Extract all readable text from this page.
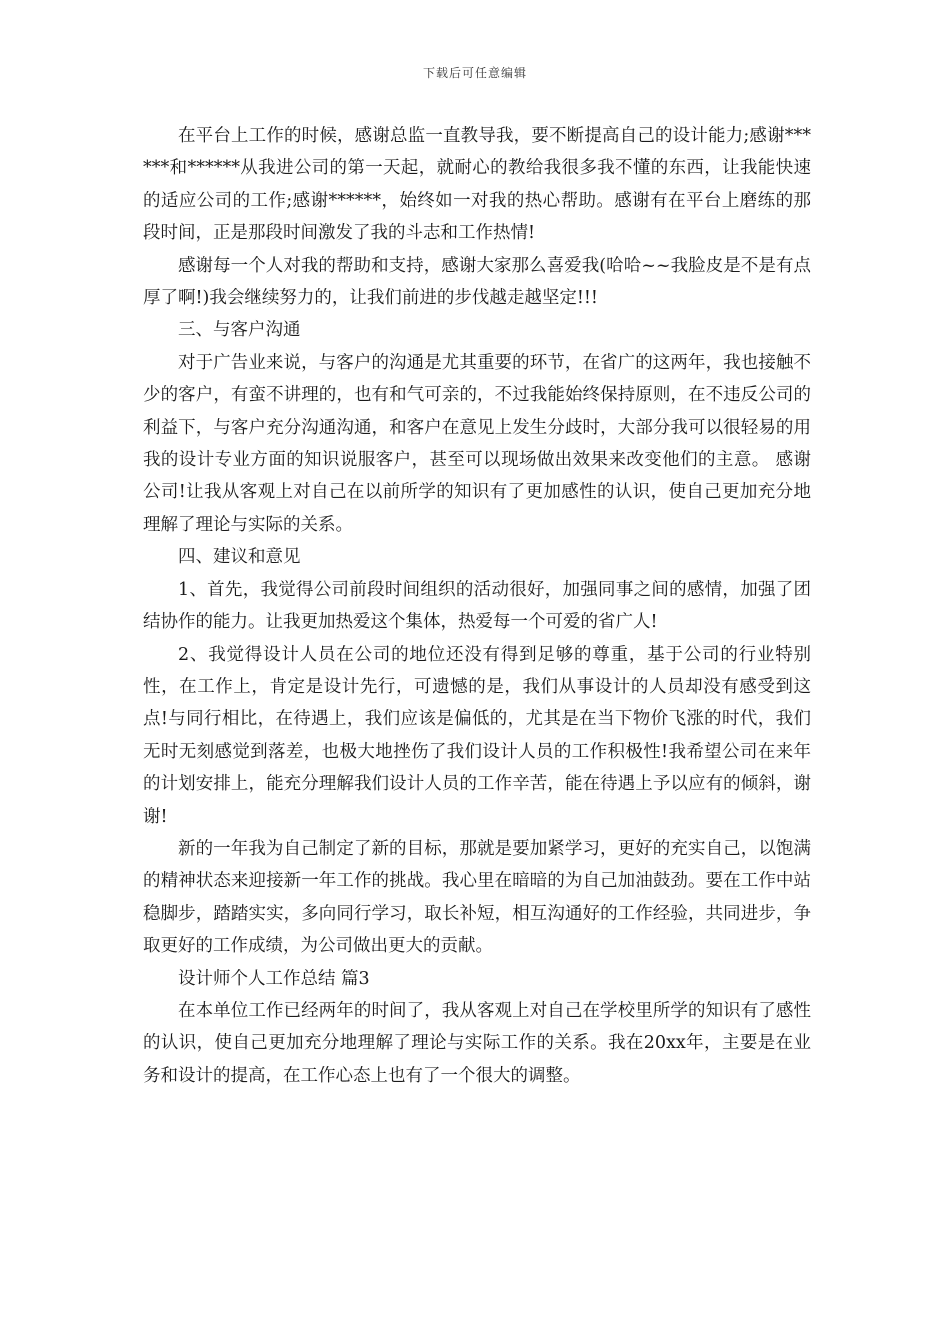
下载后可任意编辑

在平台上工作的时候，感谢总监一直教导我，要不断提高自己的设计能力;感谢******和******从我进公司的第一天起，就耐心的教给我很多我不懂的东西，让我能快速的适应公司的工作;感谢******，始终如一对我的热心帮助。感谢有在平台上磨练的那段时间，正是那段时间激发了我的斗志和工作热情!

感谢每一个人对我的帮助和支持，感谢大家那么喜爱我(哈哈~~我脸皮是不是有点厚了啊!)我会继续努力的，让我们前进的步伐越走越坚定!!!

三、与客户沟通

对于广告业来说，与客户的沟通是尤其重要的环节，在省广的这两年，我也接触不少的客户，有蛮不讲理的，也有和气可亲的，不过我能始终保持原则，在不违反公司的利益下，与客户充分沟通沟通，和客户在意见上发生分歧时，大部分我可以很轻易的用我的设计专业方面的知识说服客户，甚至可以现场做出效果来改变他们的主意。 感谢公司!让我从客观上对自己在以前所学的知识有了更加感性的认识，使自己更加充分地理解了理论与实际的关系。

四、建议和意见

1、首先，我觉得公司前段时间组织的活动很好，加强同事之间的感情，加强了团结协作的能力。让我更加热爱这个集体，热爱每一个可爱的省广人!

2、我觉得设计人员在公司的地位还没有得到足够的尊重，基于公司的行业特别性，在工作上，肯定是设计先行，可遗憾的是，我们从事设计的人员却没有感受到这点!与同行相比，在待遇上，我们应该是偏低的，尤其是在当下物价飞涨的时代，我们无时无刻感觉到落差，也极大地挫伤了我们设计人员的工作积极性!我希望公司在来年的计划安排上，能充分理解我们设计人员的工作辛苦，能在待遇上予以应有的倾斜，谢谢!

新的一年我为自己制定了新的目标，那就是要加紧学习，更好的充实自己，以饱满的精神状态来迎接新一年工作的挑战。我心里在暗暗的为自己加油鼓劲。要在工作中站稳脚步，踏踏实实，多向同行学习，取长补短，相互沟通好的工作经验，共同进步，争取更好的工作成绩，为公司做出更大的贡献。

设计师个人工作总结 篇3

在本单位工作已经两年的时间了，我从客观上对自己在学校里所学的知识有了感性的认识，使自己更加充分地理解了理论与实际工作的关系。我在20xx年，主要是在业务和设计的提高，在工作心态上也有了一个很大的调整。
